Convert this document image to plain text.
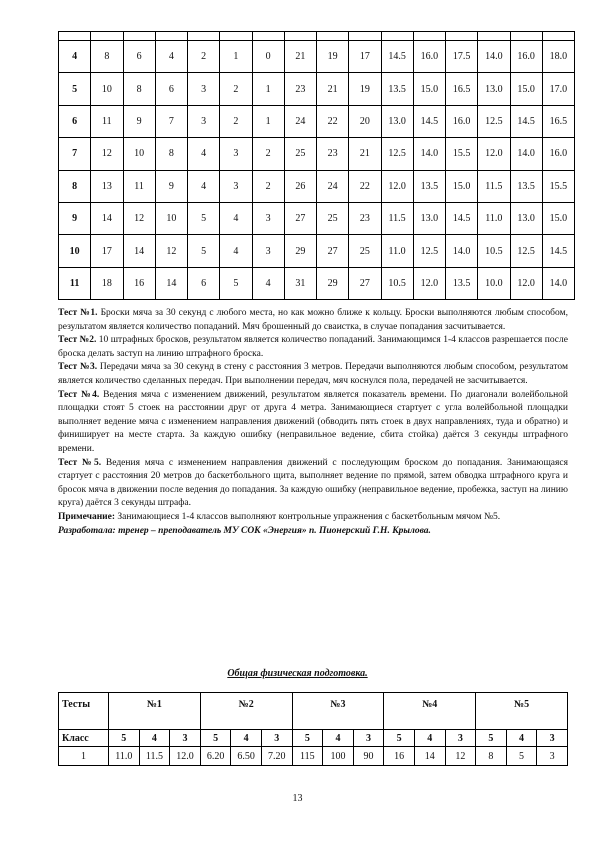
4	8	6	4	2	1	0	21	19	17	14.5	16.0	17.5	14.0	16.0	18.0
5	10	8	6	3	2	1	23	21	19	13.5	15.0	16.5	13.0	15.0	17.0
6	11	9	7	3	2	1	24	22	20	13.0	14.5	16.0	12.5	14.5	16.5
7	12	10	8	4	3	2	25	23	21	12.5	14.0	15.5	12.0	14.0	16.0
8	13	11	9	4	3	2	26	24	22	12.0	13.5	15.0	11.5	13.5	15.5
9	14	12	10	5	4	3	27	25	23	11.5	13.0	14.5	11.0	13.0	15.0
10	17	14	12	5	4	3	29	27	25	11.0	12.5	14.0	10.5	12.5	14.5
11	18	16	14	6	5	4	31	29	27	10.5	12.0	13.5	10.0	12.0	14.0

Тест №1. Броски мяча за 30 секунд с любого места, но как можно ближе к кольцу. Броски выполняются любым способом, результатом является количество попаданий. Мяч брошенный до сваистка, в случае попадания засчитывается.

Тест №2. 10 штрафных бросков, результатом является количество попаданий. Занимающимся 1-4 классов разрешается после броска делать заступ на линию штрафного броска.

Тест №3. Передачи мяча за 30 секунд в стену с расстояния 3 метров. Передачи выполняются любым способом, результатом является количество сделанных передач. При выполнении передач, мяч коснулся пола, передачей не засчитывается.

Тест №4. Ведения мяча с изменением движений, результатом является показатель времени. По диагонали волейбольной площадки стоят 5 стоек на расстоянии друг от друга 4 метра. Занимающиеся стартует с угла волейбольной площадки выполняет ведение мяча с изменением направления движений (обводить пять стоек в двух направлениях, туда и обратно) и финиширует на месте старта. За каждую ошибку (неправильное ведение, сбита стойка) даётся 3 секунды штрафного времени.

Тест №5. Ведения мяча с изменением направления движений с последующим броском до попадания. Занимающаяся стартует с расстояния 20 метров до баскетбольного щита, выполняет ведение по прямой, затем обводка штрафного круга и бросок мяча в движении после ведения до попадания. За каждую ошибку (неправильное ведение, пробежка, заступ на линию круга) даётся 3 секунды штрафа.

Примечание: Занимающиеся 1-4 классов выполняют контрольные упражнения с баскетбольным мячом №5.

Разработала: тренер – преподаватель МУ СОК «Энергия» п. Пионерский Г.Н. Крылова.

Общая физическая подготовка.
Тесты	№1			№2			№3			№4			№5		
Класс	5	4	3	5	4	3	5	4	3	5	4	3	5	4	3
1	11.0	11.5	12.0	6.20	6.50	7.20	115	100	90	16	14	12	8	5	3
13
